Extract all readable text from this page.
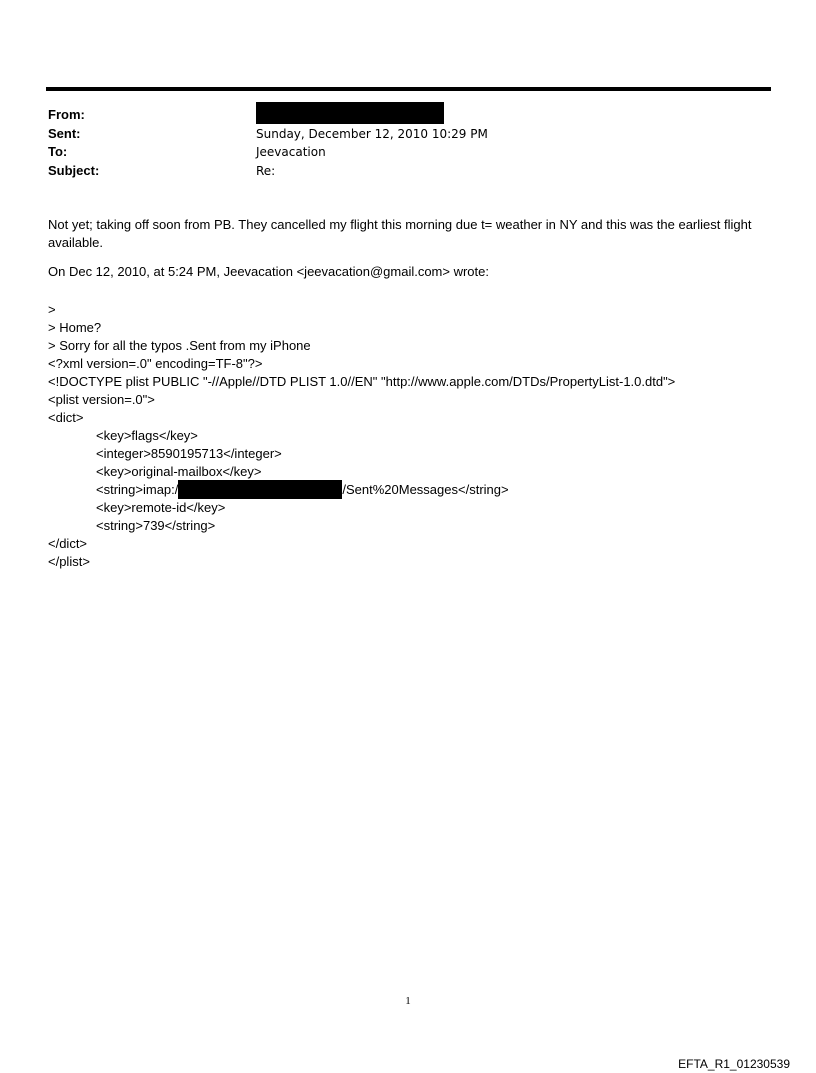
From:
Sent:	Sunday, December 12, 2010 10:29 PM
To:	Jeevacation
Subject:	Re:

Not yet; taking off soon from PB. They cancelled my flight this morning due t= weather in NY and this was the earliest flight available.

On Dec 12, 2010, at 5:24 PM, Jeevacation <jeevacation@gmail.com> wrote:

>

> Home?

> Sorry for all the typos .Sent from my iPhone

<?xml version=.0" encoding=TF-8"?>

<!DOCTYPE plist PUBLIC "-//Apple//DTD PLIST 1.0//EN" "http://www.apple.com/DTDs/PropertyList-1.0.dtd">

<plist version=.0">

<dict>

<key>flags</key>

<integer>8590195713</integer>

<key>original-mailbox</key>

<string>imap:/	/Sent%20Messages</string>

<key>remote-id</key>

<string>739</string>

</dict>

</plist>

1
EFTA_R1_01230539
